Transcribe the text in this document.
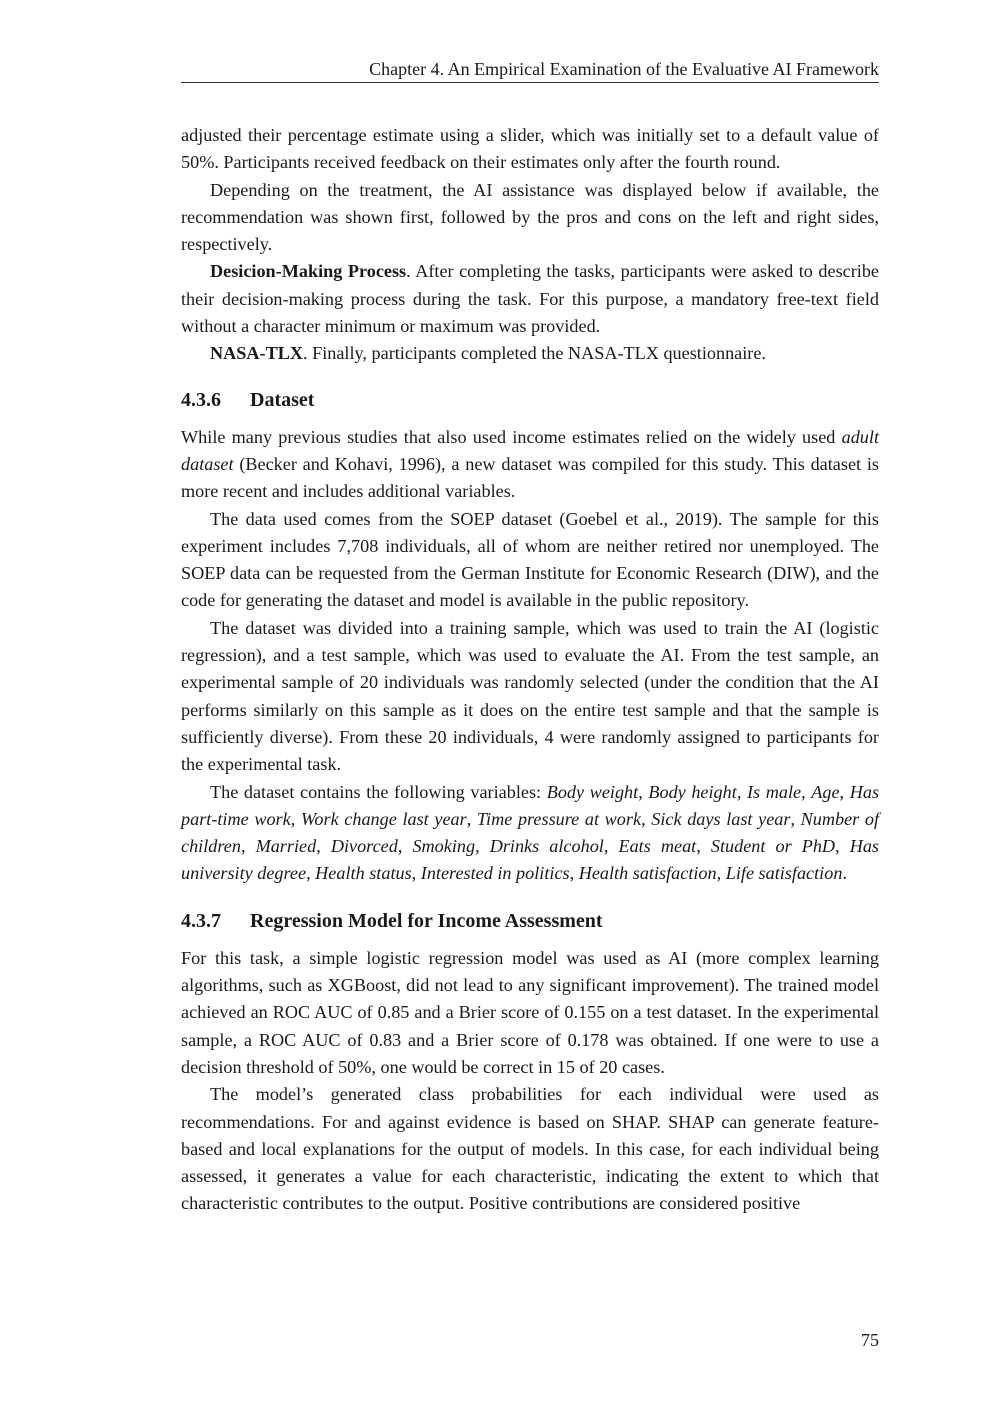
Chapter 4. An Empirical Examination of the Evaluative AI Framework

adjusted their percentage estimate using a slider, which was initially set to a default value of 50%. Participants received feedback on their estimates only after the fourth round.

Depending on the treatment, the AI assistance was displayed below if available, the recommendation was shown first, followed by the pros and cons on the left and right sides, respectively.

Desicion-Making Process. After completing the tasks, participants were asked to describe their decision-making process during the task. For this purpose, a mandatory free-text field without a character minimum or maximum was provided.

NASA-TLX. Finally, participants completed the NASA-TLX questionnaire.

4.3.6 Dataset

While many previous studies that also used income estimates relied on the widely used adult dataset (Becker and Kohavi, 1996), a new dataset was compiled for this study. This dataset is more recent and includes additional variables.

The data used comes from the SOEP dataset (Goebel et al., 2019). The sample for this experiment includes 7,708 individuals, all of whom are neither retired nor unemployed. The SOEP data can be requested from the German Institute for Economic Research (DIW), and the code for generating the dataset and model is available in the public repository.

The dataset was divided into a training sample, which was used to train the AI (logistic regression), and a test sample, which was used to evaluate the AI. From the test sample, an experimental sample of 20 individuals was randomly selected (under the condition that the AI performs similarly on this sample as it does on the entire test sample and that the sample is sufficiently diverse). From these 20 individuals, 4 were randomly assigned to participants for the experimental task.

The dataset contains the following variables: Body weight, Body height, Is male, Age, Has part-time work, Work change last year, Time pressure at work, Sick days last year, Number of children, Married, Divorced, Smoking, Drinks alcohol, Eats meat, Student or PhD, Has university degree, Health status, Interested in politics, Health satisfaction, Life satisfaction.

4.3.7 Regression Model for Income Assessment

For this task, a simple logistic regression model was used as AI (more complex learning algorithms, such as XGBoost, did not lead to any significant improvement). The trained model achieved an ROC AUC of 0.85 and a Brier score of 0.155 on a test dataset. In the experimental sample, a ROC AUC of 0.83 and a Brier score of 0.178 was obtained. If one were to use a decision threshold of 50%, one would be correct in 15 of 20 cases.

The model’s generated class probabilities for each individual were used as recommendations. For and against evidence is based on SHAP. SHAP can generate feature-based and local explanations for the output of models. In this case, for each individual being assessed, it generates a value for each characteristic, indicating the extent to which that characteristic contributes to the output. Positive contributions are considered positive

75
